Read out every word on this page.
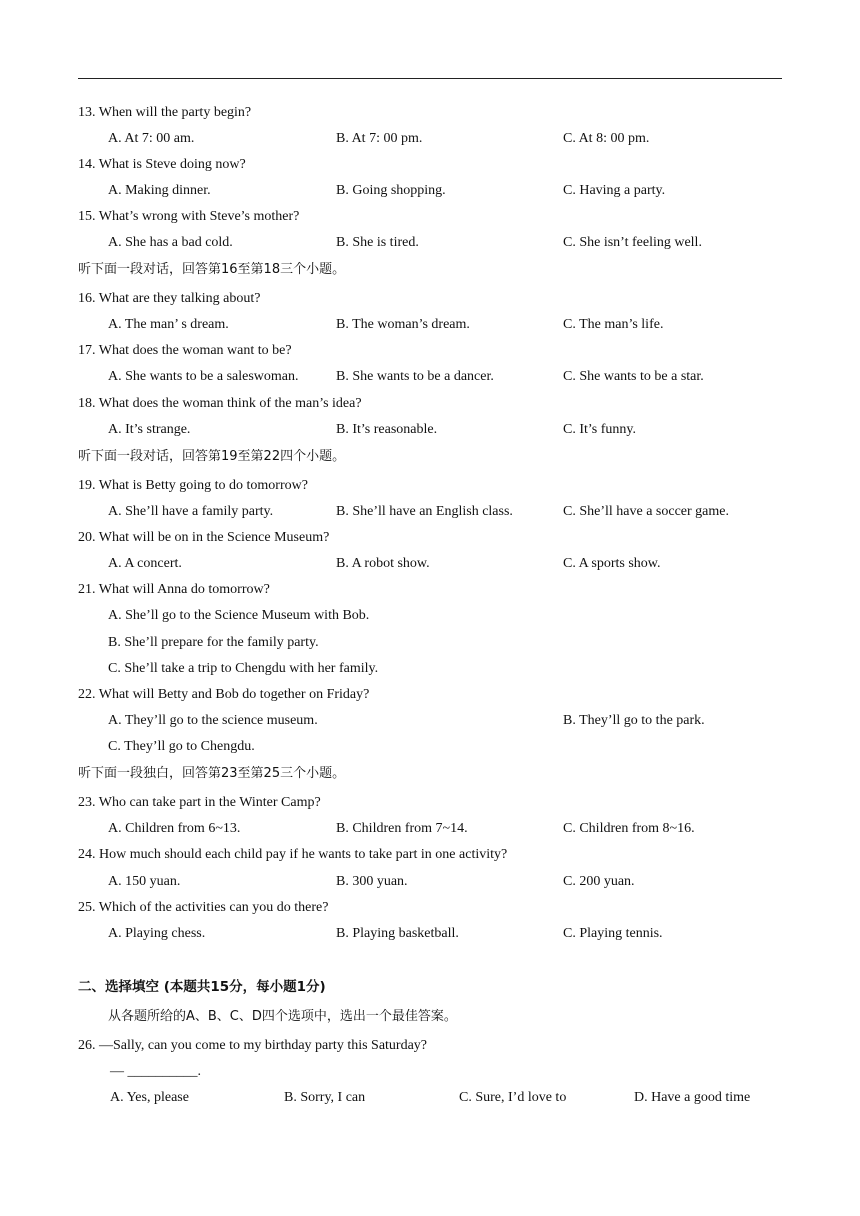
13. When will the party begin?
A. At 7: 00 am.	B. At 7: 00 pm.	C. At 8: 00 pm.
14. What is Steve doing now?
A. Making dinner.	B. Going shopping.	C. Having a party.
15. What’s wrong with Steve’s mother?
A. She has a bad cold.	B. She is tired.	C. She isn’t feeling well.
听下面一段对话，回答第16至第18三个小题。
16. What are they talking about?
A. The man’ s dream.	B. The woman’s dream.	C. The man’s life.
17. What does the woman want to be?
A. She wants to be a saleswoman.	B. She wants to be a dancer.	C. She wants to be a star.
18. What does the woman think of the man’s idea?
A. It’s strange.	B. It’s reasonable.	C. It’s funny.
听下面一段对话，回答第19至第22四个小题。
19. What is Betty going to do tomorrow?
A. She’ll have a family party.	B. She’ll have an English class.	C. She’ll have a soccer game.
20. What will be on in the Science Museum?
A. A concert.	B. A robot show.	C. A sports show.
21. What will Anna do tomorrow?
A. She’ll go to the Science Museum with Bob.
B. She’ll prepare for the family party.
C. She’ll take a trip to Chengdu with her family.
22. What will Betty and Bob do together on Friday?
A. They’ll go to the science museum.	B. They’ll go to the park.
C. They’ll go to Chengdu.
听下面一段独白，回答第23至第25三个小题。
23. Who can take part in the Winter Camp?
A. Children from 6~13.	B. Children from 7~14.	C. Children from 8~16.
24. How much should each child pay if he wants to take part in one activity?
A. 150 yuan.	B. 300 yuan.	C. 200 yuan.
25. Which of the activities can you do there?
A. Playing chess.	B. Playing basketball.	C. Playing tennis.
二、选择填空 (本题共15分，每小题1分)
从各题所给的A、B、C、D四个选项中，选出一个最佳答案。
26. —Sally, can you come to my birthday party this Saturday?
— __________.
A. Yes, please	B. Sorry, I can	C. Sure, I’d love to	D. Have a good time
